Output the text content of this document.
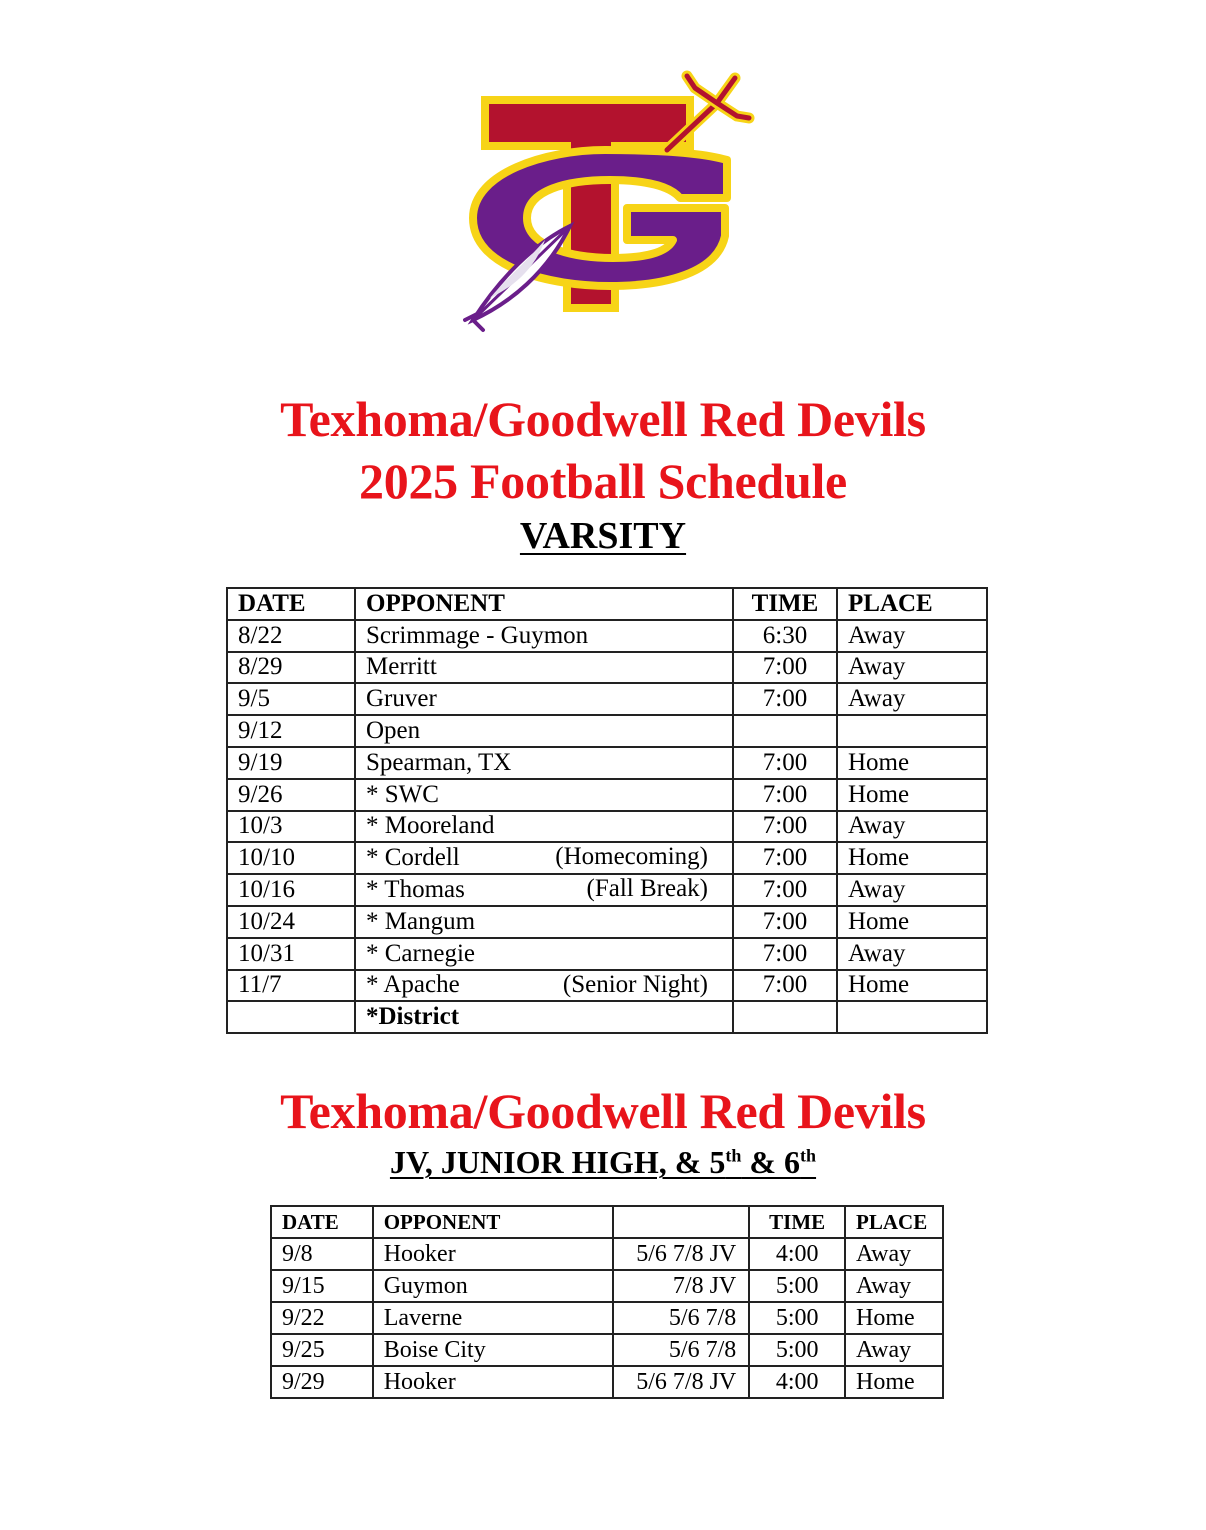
Texhoma/Goodwell Red Devils
2025 Football Schedule
VARSITY
DATE	OPPONENT	TIME	PLACE
8/22	Scrimmage - Guymon	6:30	Away
8/29	Merritt	7:00	Away
9/5	Gruver	7:00	Away
9/12	Open

9/19	Spearman, TX	7:00	Home
9/26	* SWC	7:00	Home
10/3	* Mooreland	7:00	Away
10/10	* Cordell (Homecoming)	7:00	Home
10/16	* Thomas (Fall Break)	7:00	Away
10/24	* Mangum	7:00	Home
10/31	* Carnegie	7:00	Away
11/7	* Apache (Senior Night)	7:00	Home
	*District		
Texhoma/Goodwell Red Devils
JV, JUNIOR HIGH, & 5th & 6th
DATE	OPPONENT		TIME	PLACE
9/8	Hooker	5/6 7/8 JV	4:00	Away
9/15	Guymon	7/8 JV	5:00	Away
9/22	Laverne	5/6 7/8	5:00	Home
9/25	Boise City	5/6 7/8	5:00	Away
9/29	Hooker	5/6 7/8 JV	4:00	Home
